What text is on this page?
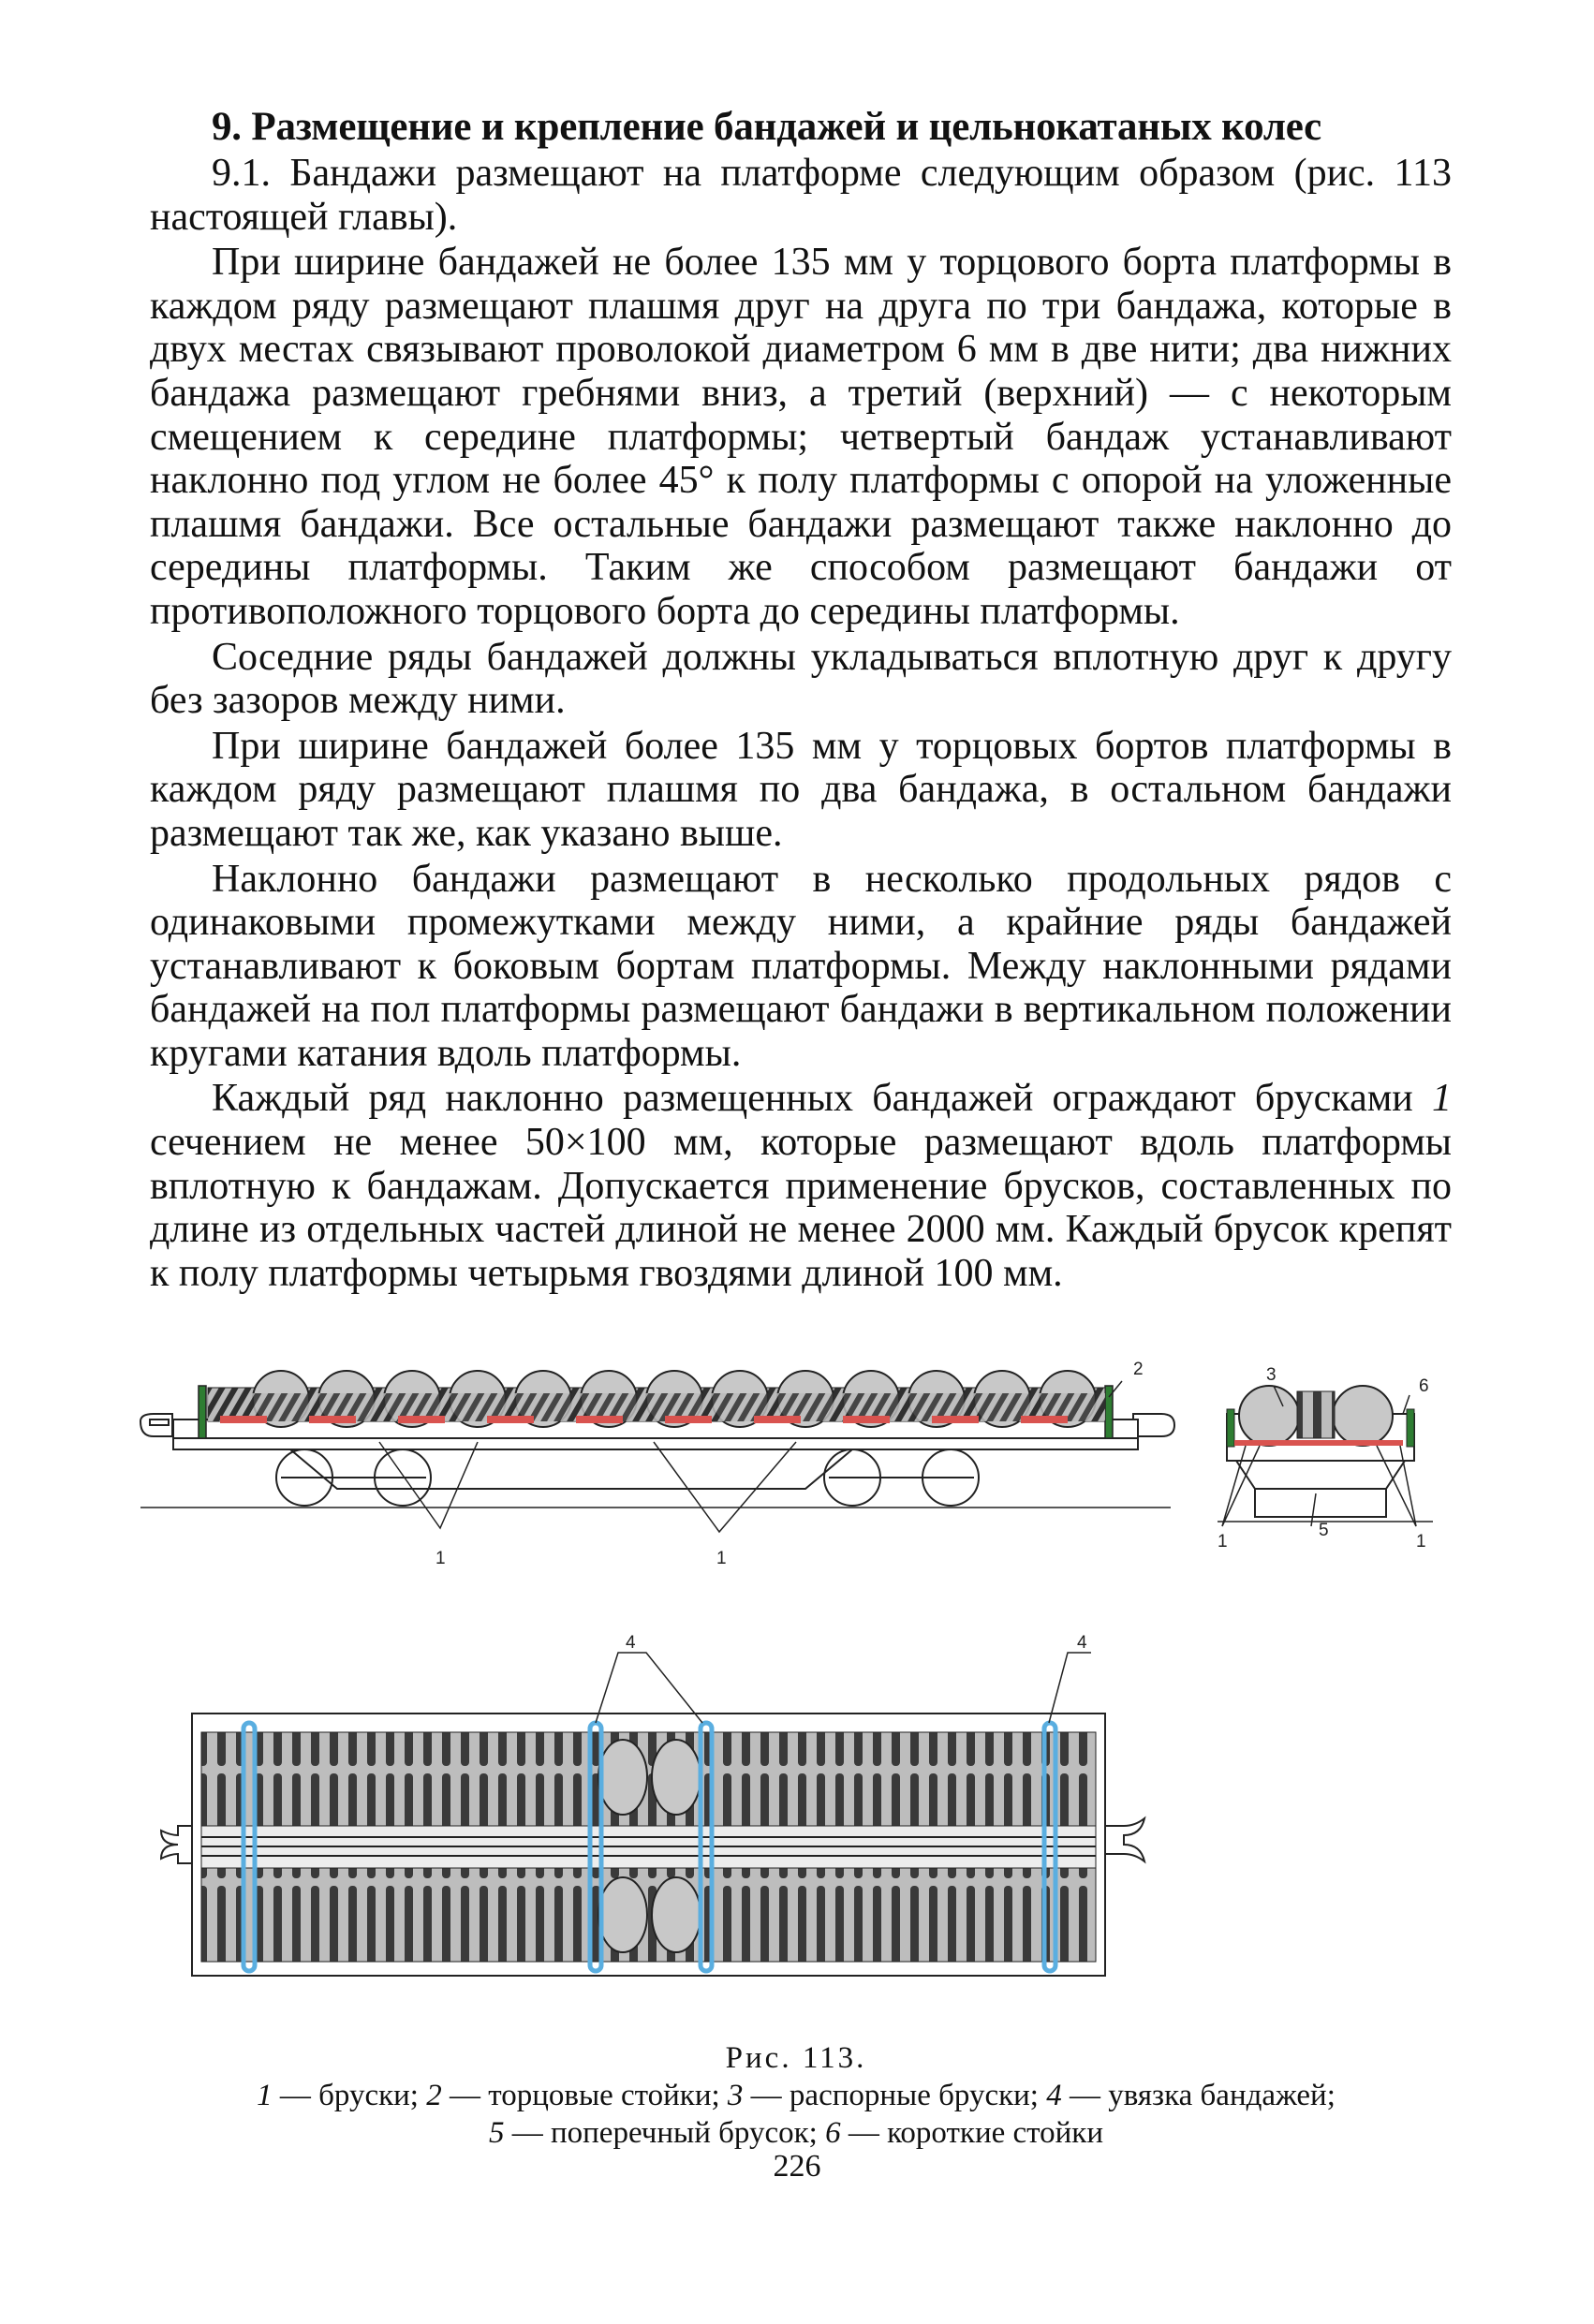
9. Размещение и крепление бандажей и цельнокатаных колес

9.1. Бандажи размещают на платформе следующим образом (рис. 113 настоящей главы).

При ширине бандажей не более 135 мм у торцового борта платформы в каждом ряду размещают плашмя друг на друга по три бандажа, которые в двух местах связывают проволокой диаметром 6 мм в две нити; два нижних бандажа размещают гребнями вниз, а третий (верхний) — с некоторым смещением к середине платформы; четвертый бандаж устанавливают наклонно под углом не более 45° к полу платформы с опорой на уложенные плашмя бандажи. Все остальные бандажи размещают также наклонно до середины платформы. Таким же способом размещают бандажи от противоположного торцового борта до середины платформы.

Соседние ряды бандажей должны укладываться вплотную друг к другу без зазоров между ними.

При ширине бандажей более 135 мм у торцовых бортов платформы в каждом ряду размещают плашмя по два бандажа, в остальном бандажи размещают так же, как указано выше.

Наклонно бандажи размещают в несколько продольных рядов с одинаковыми промежутками между ними, а крайние ряды бандажей устанавливают к боковым бортам платформы. Между наклонными рядами бандажей на пол платформы размещают бандажи в вертикальном положении кругами катания вдоль платформы.

Каждый ряд наклонно размещенных бандажей ограждают брусками 1 сечением не менее 50×100 мм, которые размещают вдоль платформы вплотную к бандажам. Допускается применение брусков, составленных по длине из отдельных частей длиной не менее 2000 мм. Каждый брусок крепят к полу платформы четырьмя гвоздями длиной 100 мм.

1	1
2	3
6
5
1	1
4	4
Рис. 113.
1 — бруски; 2 — торцовые стойки; 3 — распорные бруски; 4 — увязка бандажей;
5 — поперечный брусок; 6 — короткие стойки
226
